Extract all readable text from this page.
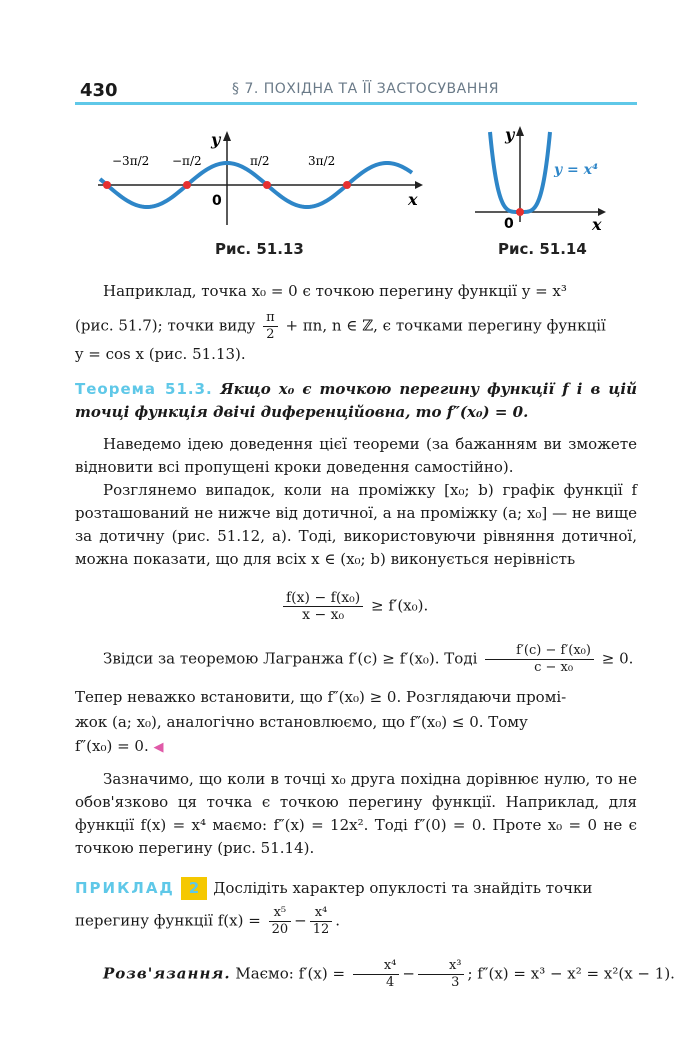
430	§ 7. ПОХІДНА ТА ЇЇ ЗАСТОСУВАННЯ
y
x
0
−3π/2 −π/2	π/2	3π/2
Рис. 51.13
y
x
0
y = x⁴
Рис. 51.14
Наприклад, точка x₀ = 0 є точкою перегину функції y = x³
(рис. 51.7); точки виду $\frac{\pi}{2} + \pi n$, n ∈ ℤ, є точками перегину функції
y = cos x (рис. 51.13).
Теорема 51.3. Якщо x₀ є точкою перегину функції f і в цій точці функція двічі диференційовна, то f″(x₀) = 0.
Наведемо ідею доведення цієї теореми (за бажанням ви зможете відновити всі пропущені кроки доведення самостійно).
Розглянемо випадок, коли на проміжку [x₀; b) графік функції f розташований не нижче від дотичної, а на проміжку (a; x₀] — не вище за дотичну (рис. 51.12, а). Тоді, використовуючи рівняння дотичної, можна показати, що для всіх x ∈ (x₀; b) виконується нерівність
$\frac{\text{f(x) − f(x₀)}}{\text{x − x₀}} \ge f'(x_0)$.
Звідси за теоремою Лагранжа f′(c) ≥ f′(x₀). Тоді $\frac{\text{f′(c) − f′(x₀)}}{\text{c − x₀}} \ge 0$.
Тепер неважко встановити, що f″(x₀) ≥ 0. Розглядаючи промі-
жок (a; x₀), аналогічно встановлюємо, що f″(x₀) ≤ 0. Тому
f″(x₀) = 0. ◀
Зазначимо, що коли в точці x₀ друга похідна дорівнює нулю, то не обов'язково ця точка є точкою перегину функції. Наприклад, для функції f(x) = x⁴ маємо: f″(x) = 12x². Тоді f″(0) = 0. Проте x₀ = 0 не є точкою перегину (рис. 51.14).
ПРИКЛАД 2 Дослідіть характер опуклості та знайдіть точки
перегину функції $f(x) = \frac{\text{x⁵}}{20} - \frac{\text{x⁴}}{12}$ .
Розв'язання. Маємо: $f'(x) = \frac{\text{x⁴}}{4} - \frac{\text{x³}}{3}$ ; f″(x) = x³ − x² = x²(x − 1).
